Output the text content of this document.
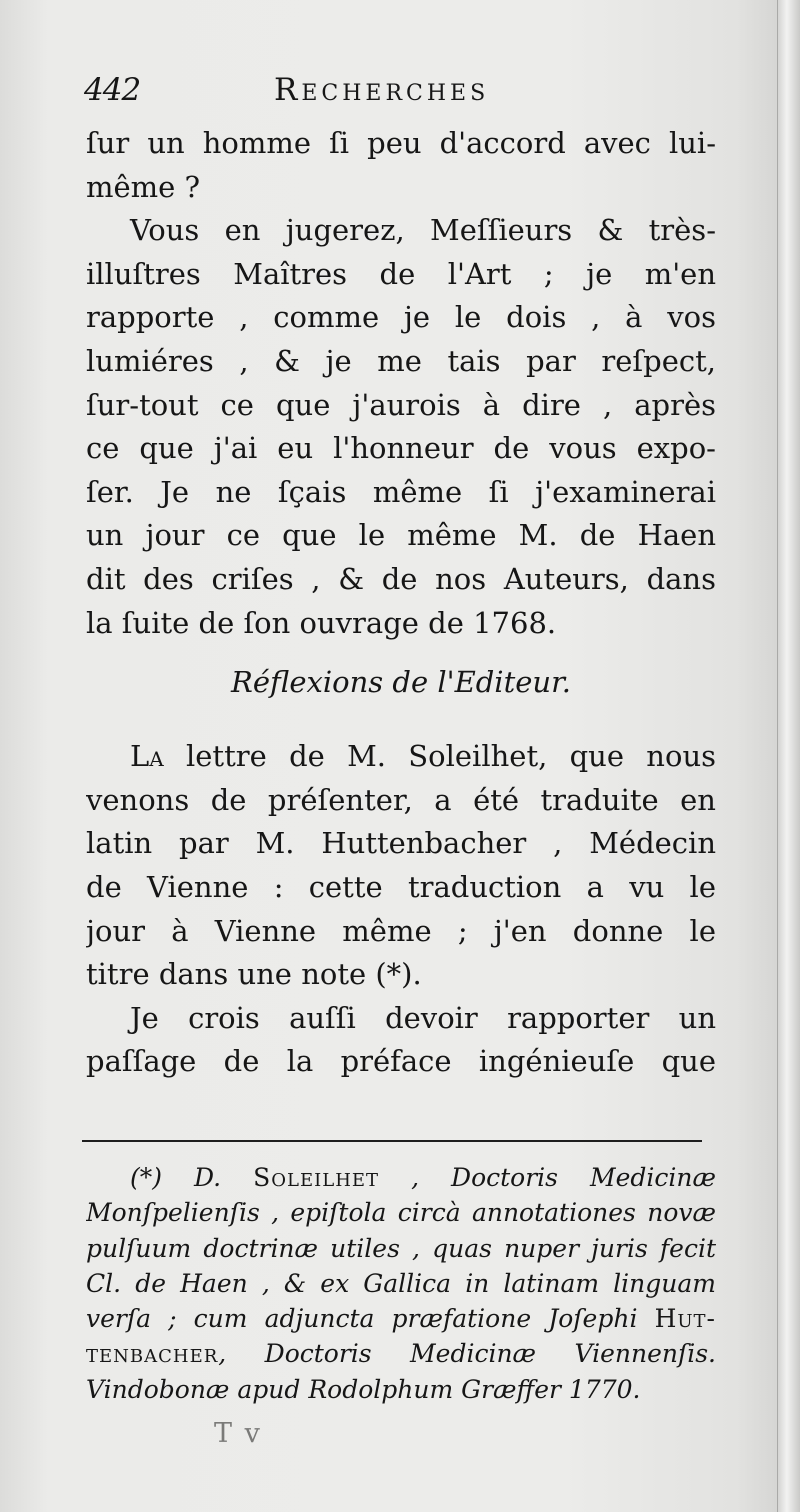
442	Recherches
ſur un homme ſi peu d'accord avec lui-
même ?
Vous en jugerez, Meſſieurs & très-
illuſtres Maîtres de l'Art ; je m'en
rapporte , comme je le dois , à vos
lumiéres , & je me tais par reſpect,
ſur-tout ce que j'aurois à dire , après
ce que j'ai eu l'honneur de vous expo-
ſer. Je ne ſçais même ſi j'examinerai
un jour ce que le même M. de Haen
dit des criſes , & de nos Auteurs, dans
la ſuite de ſon ouvrage de 1768.
Réflexions de l'Editeur.
La lettre de M. Soleilhet, que nous
venons de préſenter, a été traduite en
latin par M. Huttenbacher , Médecin
de Vienne : cette traduction a vu le
jour à Vienne même ; j'en donne le
titre dans une note (*).
Je crois auſſi devoir rapporter un
paſſage de la préface ingénieuſe que
(*) D. Soleilhet , Doctoris Medicinæ
Monſpelienſis , epiſtola circà annotationes novæ
pulſuum doctrinæ utiles , quas nuper juris fecit
Cl. de Haen , & ex Gallica in latinam linguam
verſa ; cum adjuncta præfatione Joſephi Hut-
tenbacher, Doctoris Medicinæ Viennenſis.
Vindobonæ apud Rodolphum Græffer 1770.
T v
